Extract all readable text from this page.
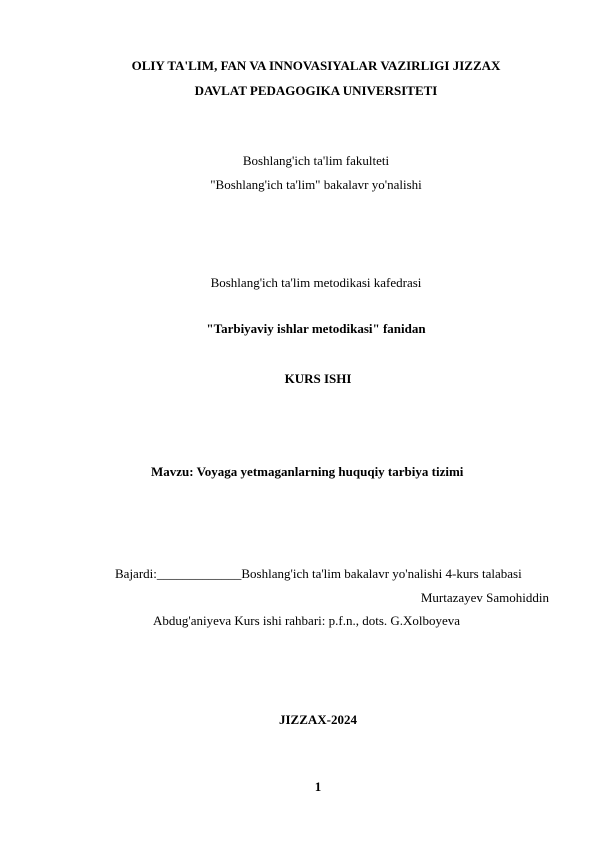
OLIY TA'LIM, FAN VA INNOVASIYALAR VAZIRLIGI JIZZAX
DAVLAT PEDAGOGIKA UNIVERSITETI
Boshlang'ich ta'lim fakulteti
"Boshlang'ich ta'lim" bakalavr yo'nalishi
Boshlang'ich ta'lim metodikasi kafedrasi
"Tarbiyaviy ishlar metodikasi" fanidan
KURS ISHI
Mavzu: Voyaga yetmaganlarning huquqiy tarbiya tizimi
Bajardi:_____________Boshlang'ich ta'lim bakalavr yo'nalishi 4-kurs talabasi
Murtazayev Samohiddin
Abdug'aniyeva Kurs ishi rahbari: p.f.n., dots. G.Xolboyeva
JIZZAX-2024
1
